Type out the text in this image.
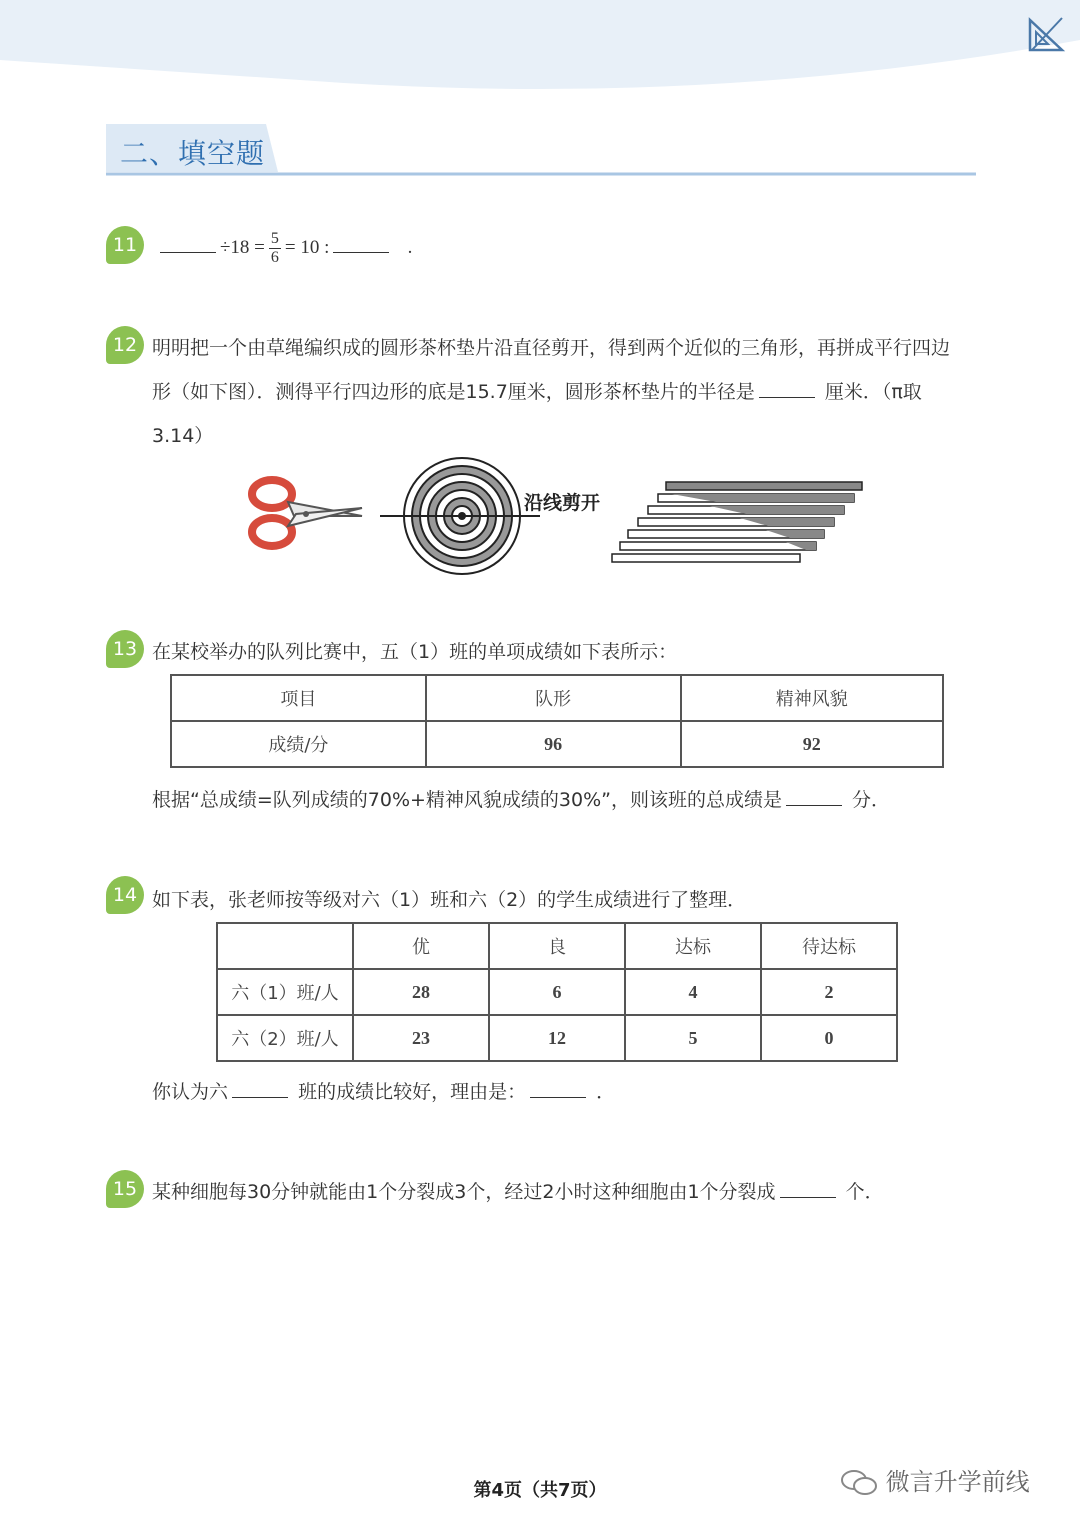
二、填空题
11	$\div 18 = \frac{5}{6} = 10$ :	.
12 明明把一个由草绳编织成的圆形茶杯垫片沿直径剪开，得到两个近似的三角形，再拼成平行四边
形（如下图）．测得平行四边形的底是15.7厘米，圆形茶杯垫片的半径是	厘米．（π取
3.14）
沿线剪开
13 在某校举办的队列比赛中，五（1）班的单项成绩如下表所示：
项目	队形	精神风貌
成绩/分	96	92
根据“总成绩=队列成绩的70%+精神风貌成绩的30%”，则该班的总成绩是	分．
14 如下表，张老师按等级对六（1）班和六（2）的学生成绩进行了整理．
	优	良	达标	待达标
六（1）班/人	28	6	4	2
六（2）班/人	23	12	5	0
你认为六	班的成绩比较好，理由是：	．
15 某种细胞每30分钟就能由1个分裂成3个，经过2小时这种细胞由1个分裂成	个．
第4页（共7页）	微言升学前线
